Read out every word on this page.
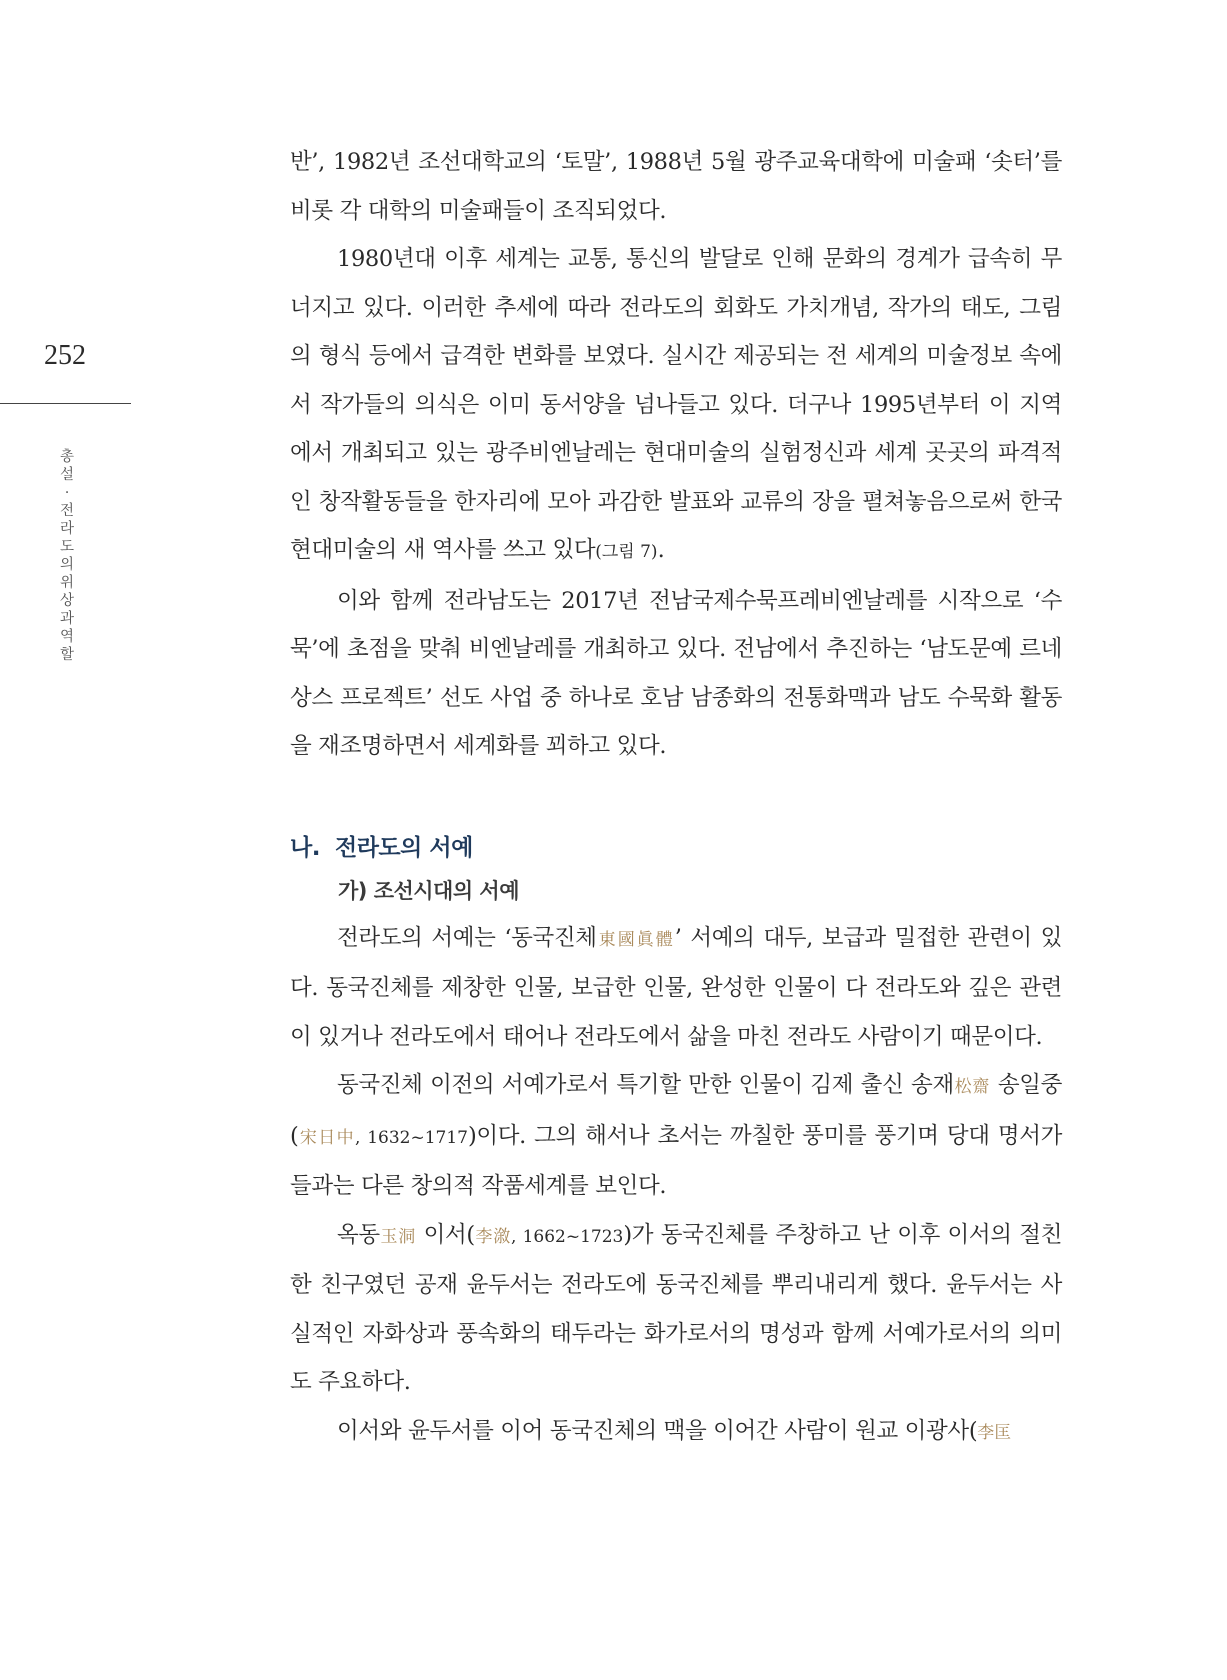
252
총설 · 전라도의 위상과 역할

반’, 1982년 조선대학교의 ‘토말’, 1988년 5월 광주교육대학에 미술패 ‘솟터’를 비롯 각 대학의 미술패들이 조직되었다.

1980년대 이후 세계는 교통, 통신의 발달로 인해 문화의 경계가 급속히 무너지고 있다. 이러한 추세에 따라 전라도의 회화도 가치개념, 작가의 태도, 그림의 형식 등에서 급격한 변화를 보였다. 실시간 제공되는 전 세계의 미술정보 속에서 작가들의 의식은 이미 동서양을 넘나들고 있다. 더구나 1995년부터 이 지역에서 개최되고 있는 광주비엔날레는 현대미술의 실험정신과 세계 곳곳의 파격적인 창작활동들을 한자리에 모아 과감한 발표와 교류의 장을 펼쳐놓음으로써 한국 현대미술의 새 역사를 쓰고 있다(그림 7).

이와 함께 전라남도는 2017년 전남국제수묵프레비엔날레를 시작으로 ‘수묵’에 초점을 맞춰 비엔날레를 개최하고 있다. 전남에서 추진하는 ‘남도문예 르네상스 프로젝트’ 선도 사업 중 하나로 호남 남종화의 전통화맥과 남도 수묵화 활동을 재조명하면서 세계화를 꾀하고 있다.

나. 전라도의 서예
가) 조선시대의 서예

전라도의 서예는 ‘동국진체東國眞體’ 서예의 대두, 보급과 밀접한 관련이 있다. 동국진체를 제창한 인물, 보급한 인물, 완성한 인물이 다 전라도와 깊은 관련이 있거나 전라도에서 태어나 전라도에서 삶을 마친 전라도 사람이기 때문이다.

동국진체 이전의 서예가로서 특기할 만한 인물이 김제 출신 송재松齋 송일중(宋日中, 1632~1717)이다. 그의 해서나 초서는 까칠한 풍미를 풍기며 당대 명서가 들과는 다른 창의적 작품세계를 보인다.

옥동玉洞 이서(李漵, 1662~1723)가 동국진체를 주창하고 난 이후 이서의 절친한 친구였던 공재 윤두서는 전라도에 동국진체를 뿌리내리게 했다. 윤두서는 사실적인 자화상과 풍속화의 태두라는 화가로서의 명성과 함께 서예가로서의 의미도 주요하다.

이서와 윤두서를 이어 동국진체의 맥을 이어간 사람이 원교 이광사(李匡
